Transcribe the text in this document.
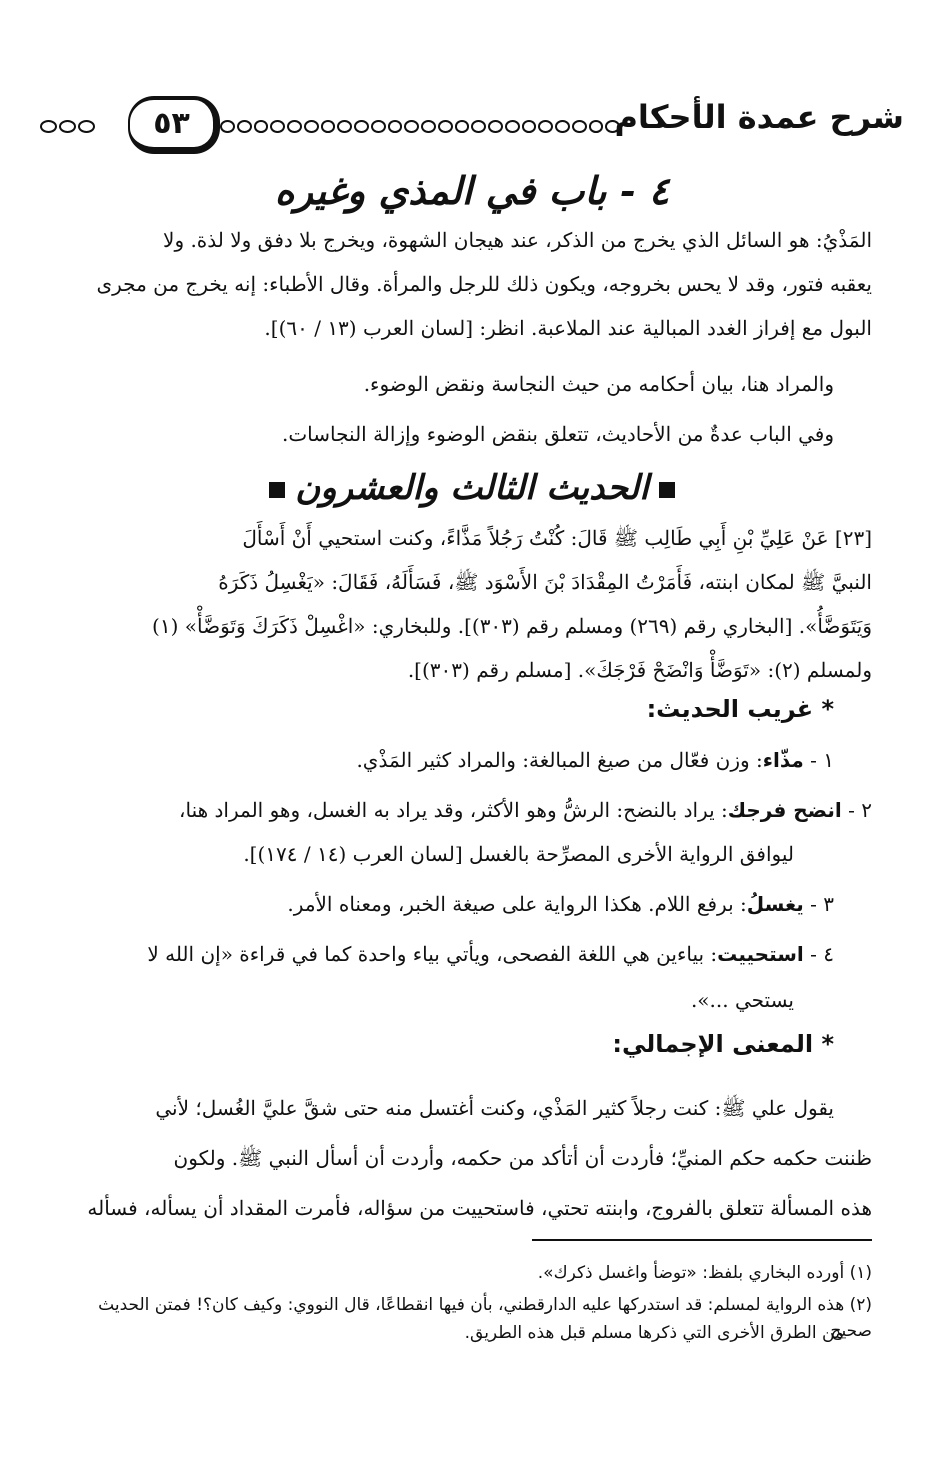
شرح عمدة الأحكام
٥٣
٤ - باب في المذي وغيره
المَذْيُ: هو السائل الذي يخرج من الذكر، عند هيجان الشهوة، ويخرج بلا دفق ولا لذة. ولا
يعقبه فتور، وقد لا يحس بخروجه، ويكون ذلك للرجل والمرأة. وقال الأطباء: إنه يخرج من مجرى
البول مع إفراز الغدد المبالية عند الملاعبة. انظر: [لسان العرب (١٣ / ٦٠)].
والمراد هنا، بيان أحكامه من حيث النجاسة ونقض الوضوء.
وفي الباب عدةٌ من الأحاديث، تتعلق بنقض الوضوء وإزالة النجاسات.
الحديث الثالث والعشرون
[٢٣] عَنْ عَلِيِّ بْنِ أَبِي طَالِب ﷺ قَالَ: كُنْتُ رَجُلاً مَذَّاءً، وكنت استحيي أَنْ أَسْأَلَ
النبيَّ ﷺ لمكان ابنته، فَأَمَرْتُ المِقْدَادَ بْنَ الأَسْوَد ﷺ، فَسَأَلَهُ، فَقَالَ: «يَغْسِلُ ذَكَرَهُ
وَيَتَوَضَّأُ». [البخاري رقم (٢٦٩) ومسلم رقم (٣٠٣)]. وللبخاري: «اغْسِلْ ذَكَرَكَ وَتَوَضَّأْ» (١)
ولمسلم (٢): «تَوَضَّأْ وَانْضَحْ فَرْجَكَ». [مسلم رقم (٣٠٣)].
* غريب الحديث:
١ - مذّاء: وزن فعّال من صيغ المبالغة: والمراد كثير المَذْي.
٢ - انضح فرجك: يراد بالنضح: الرشُّ وهو الأكثر، وقد يراد به الغسل، وهو المراد هنا،
ليوافق الرواية الأخرى المصرِّحة بالغسل [لسان العرب (١٤ / ١٧٤)].
٣ - يغسلُ: برفع اللام. هكذا الرواية على صيغة الخبر، ومعناه الأمر.
٤ - استحييت: بياءين هي اللغة الفصحى، ويأتي بياء واحدة كما في قراءة «إن الله لا
يستحي ...».
* المعنى الإجمالي:
يقول علي ﷺ: كنت رجلاً كثير المَذْي، وكنت أغتسل منه حتى شقَّ عليَّ الغُسل؛ لأني
ظننت حكمه حكم المنيِّ؛ فأردت أن أتأكد من حكمه، وأردت أن أسأل النبي ﷺ. ولكون
هذه المسألة تتعلق بالفروج، وابنته تحتي، فاستحييت من سؤاله، فأمرت المقداد أن يسأله، فسأله
(١) أورده البخاري بلفظ: «توضأ واغسل ذكرك».
(٢) هذه الرواية لمسلم: قد استدركها عليه الدارقطني، بأن فيها انقطاعًا، قال النووي: وكيف كان؟! فمتن الحديث صحيح
من الطرق الأخرى التي ذكرها مسلم قبل هذه الطريق.
